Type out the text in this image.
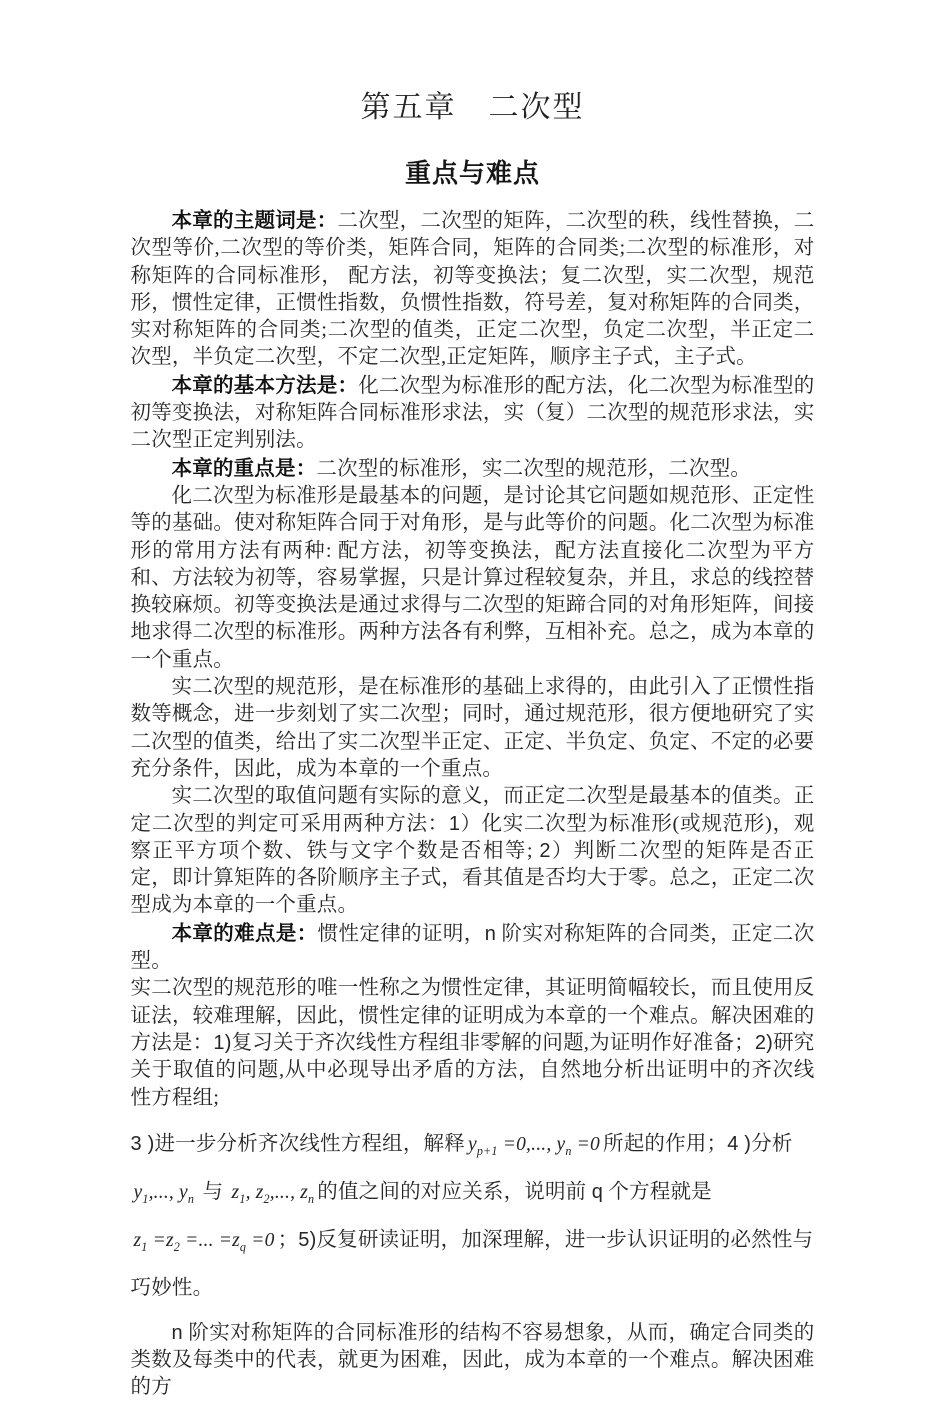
第五章　二次型
重点与难点

本章的主题词是：二次型，二次型的矩阵，二次型的秩，线性替换，二次型等价,二次型的等价类，矩阵合同，矩阵的合同类;二次型的标准形，对称矩阵的合同标准形， 配方法，初等变换法；复二次型，实二次型，规范形，惯性定律，正惯性指数，负惯性指数，符号差，复对称矩阵的合同类，实对称矩阵的合同类;二次型的值类，正定二次型，负定二次型，半正定二次型，半负定二次型，不定二次型,正定矩阵，顺序主子式，主子式。

本章的基本方法是：化二次型为标准形的配方法，化二次型为标准型的初等变换法，对称矩阵合同标准形求法，实（复）二次型的规范形求法，实二次型正定判别法。

本章的重点是：二次型的标准形，实二次型的规范形，二次型。

化二次型为标准形是最基本的问题，是讨论其它问题如规范形、正定性等的基础。使对称矩阵合同于对角形，是与此等价的问题。化二次型为标准形的常用方法有两种: 配方法，初等变换法，配方法直接化二次型为平方和、方法较为初等，容易掌握，只是计算过程较复杂，并且，求总的线控替换较麻烦。初等变换法是通过求得与二次型的矩蹄合同的对角形矩阵，间接地求得二次型的标准形。两种方法各有利弊，互相补充。总之，成为本章的一个重点。

实二次型的规范形，是在标准形的基础上求得的，由此引入了正惯性指数等概念，进一步刻划了实二次型；同时，通过规范形，很方便地研究了实二次型的值类，给出了实二次型半正定、正定、半负定、负定、不定的必要充分条件，因此，成为本章的一个重点。

实二次型的取值问题有实际的意义，而正定二次型是最基本的值类。正定二次型的判定可采用两种方法：1）化实二次型为标准形(或规范形)，观察正平方项个数、铁与文字个数是否相等; 2）判断二次型的矩阵是否正定，即计算矩阵的各阶顺序主子式，看其值是否均大于零。总之，正定二次型成为本章的一个重点。

本章的难点是：惯性定律的证明，n 阶实对称矩阵的合同类，正定二次型。

实二次型的规范形的唯一性称之为惯性定律，其证明简幅较长，而且使用反证法，较难理解，因此，惯性定律的证明成为本章的一个难点。解决困难的方法是：1)复习关于齐次线性方程组非零解的问题,为证明作好准备；2)研究关于取值的问题,从中必现导出矛盾的方法，自然地分析出证明中的齐次线性方程组;

3 )进一步分析齐次线性方程组，解释 $y_{p+1} =0$,..., $y_n =0$ 所起的作用；4 )分析

$y_1$,..., $y_n$ 与 $z_1$, $z_2$,..., $z_n$ 的值之间的对应关系，说明前 q 个方程就是

$z_1 =z_2$ =... $=z_q =0$ ；5)反复研读证明，加深理解，进一步认识证明的必然性与

巧妙性。

n 阶实对称矩阵的合同标准形的结构不容易想象，从而，确定合同类的类数及每类中的代表，就更为困难，因此，成为本章的一个难点。解决困难的方
